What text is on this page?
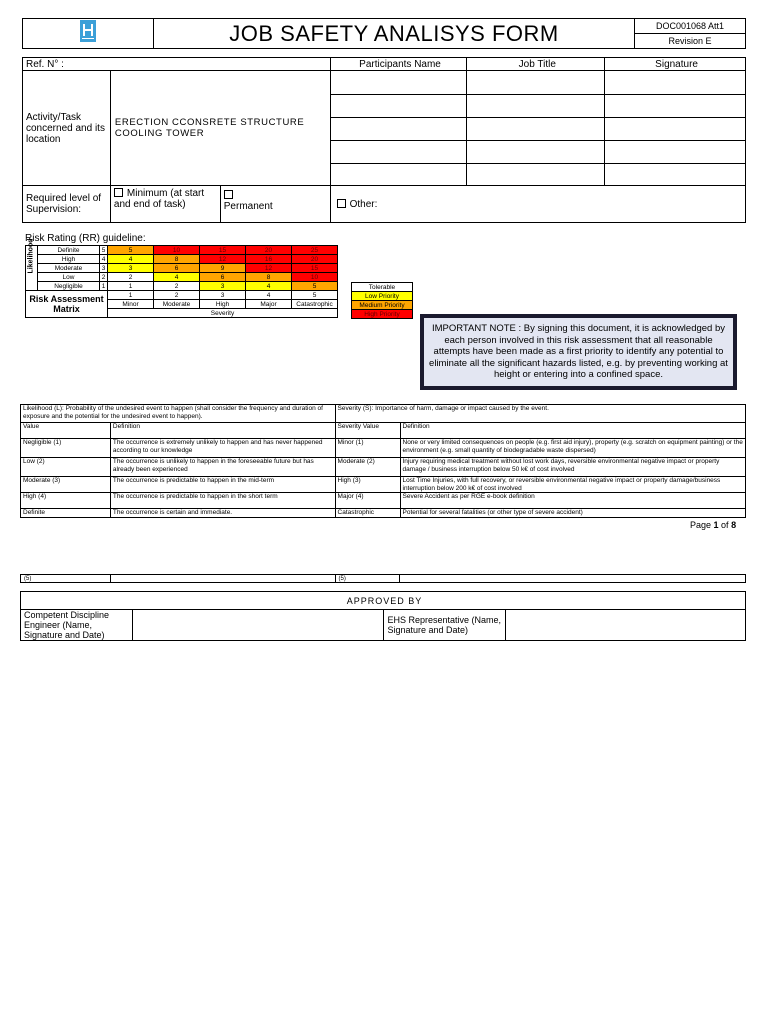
	JOB SAFETY ANALISYS FORM	DOC001068 Att1
Revision E
Ref. N° :			Participants Name	Job Title	Signature
Activity/Task concerned and its location	ERECTION CCONSRETE STRUCTURE COOLING TOWER				

Required level of Supervision:	Minimum (at start and end of task)	Permanent	Other:		
Risk Rating (RR) guideline:
Likelihood	Definite	5	5	10	15	20	25
	High	4	4	8	12	16	20
	Moderate	3	3	6	9	12	15
	Low	2	2	4	6	8	10
	Negligible	1	1	2	3	4	5
Risk Assessment Matrix			1	2	3	4	5
			Minor	Moderate	High	Major	Catastrophic
			Severity				
Tolerable
Low Priority
Medium Priority
High Priority
IMPORTANT NOTE : By signing this document, it is acknowledged by each person involved in this risk assessment that all reasonable attempts have been made as a first priority to identify any potential to eliminate all the significant hazards listed, e.g. by preventing working at height or entering into a confined space.
Likelihood (L): Probability of the undesired event to happen (shall consider the frequency and duration of exposure and the potential for the undesired event to happen).		Severity (S): Importance of harm, damage or impact caused by the event.	
Value	Definition	Severity Value	Definition
Negligible (1)	The occurrence is extremely unlikely to happen and has never happened according to our knowledge	Minor (1)	None or very limited consequences on people (e.g. first aid injury), property (e.g. scratch on equipment painting) or the environment (e.g. small quantity of biodegradable waste dispersed)
Low (2)	The occurrence is unlikely to happen in the foreseeable future but has already been experienced	Moderate (2)	Injury requiring medical treatment without lost work days, reversible environmental negative impact or property damage / business interruption below 50 k€ of cost involved
Moderate (3)	The occurrence is predictable to happen in the mid-term	High (3)	Lost Time Injuries, with full recovery, or reversible environmental negative impact or property damage/business interruption below 200 k€ of cost involved
High (4)	The occurrence is predictable to happen in the short term	Major (4)	Severe Accident as per RGE e-book definition
Definite	The occurrence is certain and immediate.	Catastrophic	Potential for several fatalities (or other type of severe accident)
Page 1 of 8
(5)		(5)	
APPROVED BY
Competent Discipline Engineer (Name, Signature and Date)		EHS Representative (Name, Signature and Date)	
